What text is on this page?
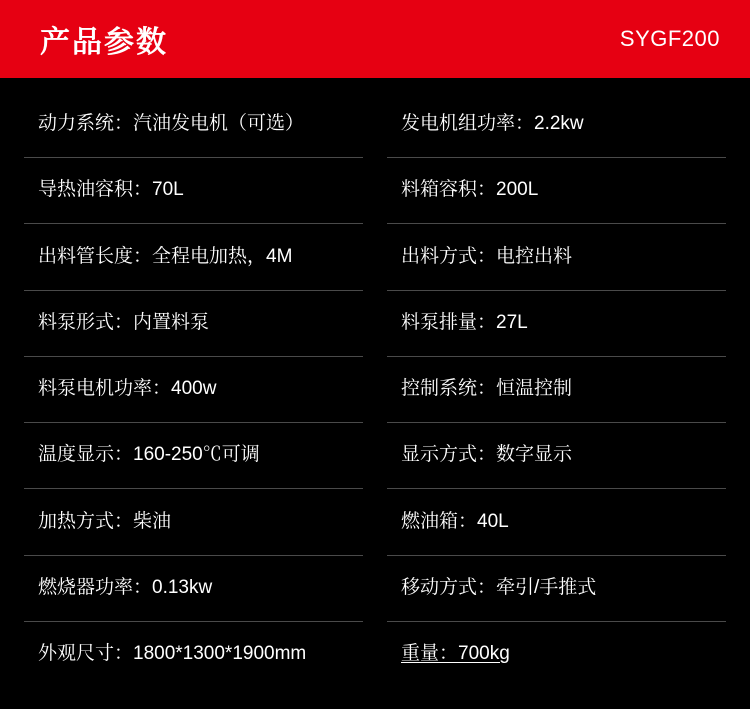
产品参数	SYGF200
动力系统：汽油发电机（可选）
导热油容积：70L
出料管长度：全程电加热，4M
料泵形式：内置料泵
料泵电机功率：400w
温度显示：160-250℃可调
加热方式：柴油
燃烧器功率：0.13kw
外观尺寸：1800*1300*1900mm
发电机组功率：2.2kw
料箱容积：200L
出料方式：电控出料
料泵排量：27L
控制系统：恒温控制
显示方式：数字显示
燃油箱：40L
移动方式：牵引/手推式
重量：700kg
